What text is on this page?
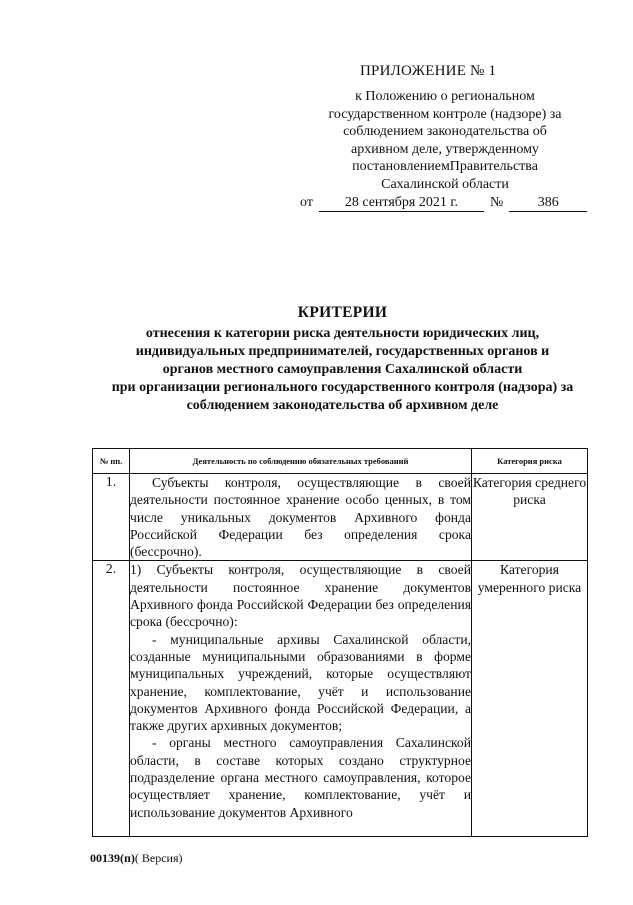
ПРИЛОЖЕНИЕ № 1
к Положению о региональном
государственном контроле (надзоре) за
соблюдением законодательства об
архивном деле, утвержденному
постановлениемПравительства
Сахалинской области
от	28 сентября 2021 г.	№	386
КРИТЕРИИ
отнесения к категории риска деятельности юридических лиц,
индивидуальных предпринимателей, государственных органов и
органов местного самоуправления Сахалинской области
при организации регионального государственного контроля (надзора) за
соблюдением законодательства об архивном деле
№ пп.	Деятельность по соблюдению обязательных требований	Категория риска
1.	Субъекты контроля, осуществляющие в своей деятельности постоянное хранение особо ценных, в том числе уникальных документов Архивного фонда Российской Федерации без определения срока (бессрочно).	Категория среднего риска
2.	1) Субъекты контроля, осуществляющие в своей деятельности постоянное хранение документов Архивного фонда Российской Федерации без определения срока (бессрочно):

- муниципальные архивы Сахалинской области, созданные муниципальными образованиями в форме муниципальных учреждений, которые осуществляют хранение, комплектование, учёт и использование документов Архивного фонда Российской Федерации, а также других архивных документов;

- органы местного самоуправления Сахалинской области, в составе которых создано структурное подразделение органа местного самоуправления, которое осуществляет хранение, комплектование, учёт и использование документов Архивного	Категория умеренного риска
00139(п)( Версия)
